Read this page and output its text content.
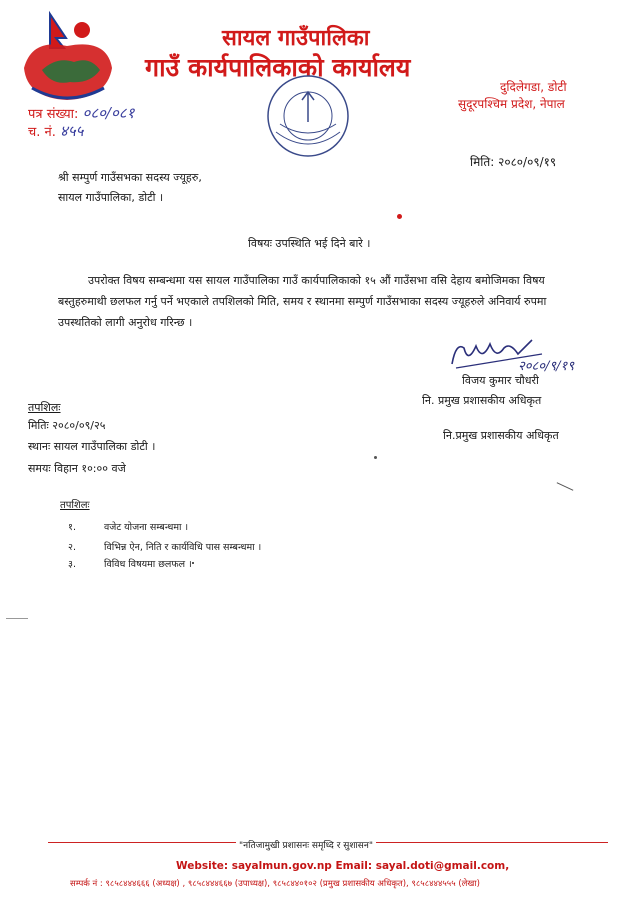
सायल गाउँपालिका
गाउँ कार्यपालिकाको कार्यालय
दुदिलेगडा, डोटी
सुदूरपश्चिम प्रदेश, नेपाल
पत्र संख्या: ०८०/०८१
च. नं. ४५५
मिति: २०८०/०९/१९
श्री सम्पुर्ण गाउँसभका सदस्य ज्यूहरु,
सायल गाउँपालिका, डोटी ।
विषयः उपस्थिति भई दिने बारे ।
उपरोक्त विषय सम्बन्धमा यस सायल गाउँपालिका गाउँ कार्यपालिकाको १५ औं गाउँसभा वसि देहाय बमोजिमका विषय बस्तुहरुमाथी छलफल गर्नु पर्ने भएकाले तपशिलको मिति, समय र स्थानमा सम्पुर्ण गाउँसभाका सदस्य ज्यूहरुले अनिवार्य रुपमा उपस्थतिको लागी अनुरोध गरिन्छ ।
२०८०/९/१९
विजय कुमार चौधरी
नि. प्रमुख प्रशासकीय अधिकृत
नि.प्रमुख प्रशासकीय अधिकृत
तपशिलः
मितिः २०८०/०९/२५
स्थानः सायल गाउँपालिका डोटी ।
समयः विहान १०:०० वजे
तपशिलः
१.	वजेट योजना सम्बन्धमा ।
२.	विभिन्न ऐन, निति र कार्यविधि पास सम्बन्धमा ।
३.	विविध विषयमा छलफल ।
"नतिजामुखी प्रशासनः समृध्दि र सुशासन"
Website: sayalmun.gov.np Email: sayal.doti@gmail.com,
सम्पर्क नं : ९८५८४४४६६६ (अध्यक्ष) , ९८५८४४४६६७ (उपाध्यक्ष), ९८५८४४०१०२ (प्रमुख प्रशासकीय अधिकृत), ९८५८४४४५५५ (लेखा)
